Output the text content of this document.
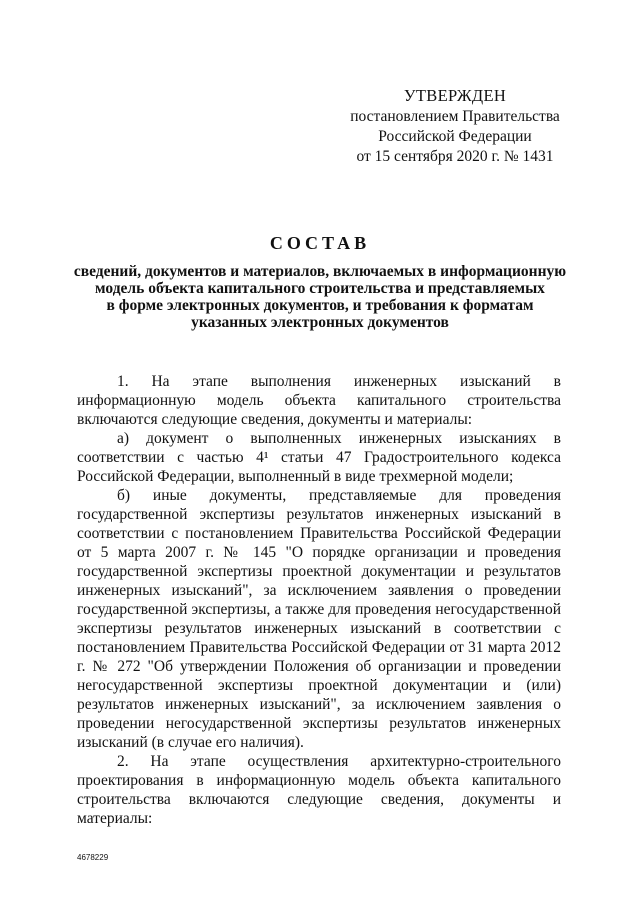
УТВЕРЖДЕН
постановлением Правительства
Российской Федерации
от 15 сентября 2020 г. № 1431
СОСТАВ
сведений, документов и материалов, включаемых в информационную
модель объекта капитального строительства и представляемых
в форме электронных документов, и требования к форматам
указанных электронных документов

1. На этапе выполнения инженерных изысканий в информационную модель объекта капитального строительства включаются следующие сведения, документы и материалы:

а) документ о выполненных инженерных изысканиях в соответствии с частью 4¹ статьи 47 Градостроительного кодекса Российской Федерации, выполненный в виде трехмерной модели;

б) иные документы, представляемые для проведения государственной экспертизы результатов инженерных изысканий в соответствии с постановлением Правительства Российской Федерации от 5 марта 2007 г. № 145 "О порядке организации и проведения государственной экспертизы проектной документации и результатов инженерных изысканий", за исключением заявления о проведении государственной экспертизы, а также для проведения негосударственной экспертизы результатов инженерных изысканий в соответствии с постановлением Правительства Российской Федерации от 31 марта 2012 г. № 272 "Об утверждении Положения об организации и проведении негосударственной экспертизы проектной документации и (или) результатов инженерных изысканий", за исключением заявления о проведении негосударственной экспертизы результатов инженерных изысканий (в случае его наличия).

2. На этапе осуществления архитектурно-строительного проектирования в информационную модель объекта капитального строительства включаются следующие сведения, документы и материалы:

4678229
